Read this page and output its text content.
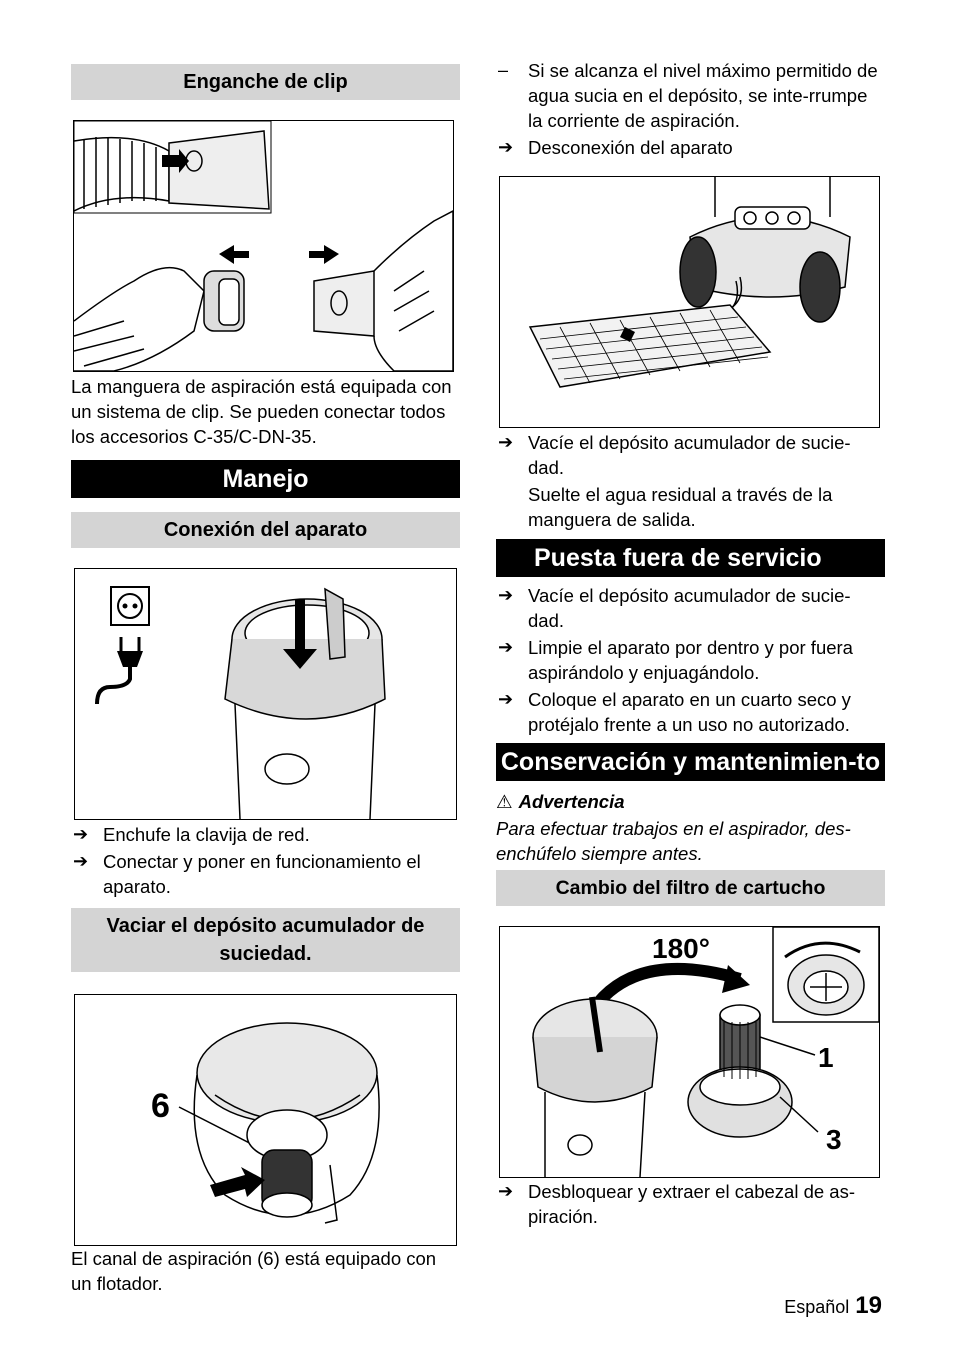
Enganche de clip

La manguera de aspiración está equipada con un sistema de clip. Se pueden conectar todos los accesorios C-35/C-DN-35.

Manejo
Conexión del aparato
➔ Enchufe la clavija de red.
➔ Conectar y poner en funcionamiento el aparato.
Vaciar el depósito acumulador de suciedad.
6

El canal de aspiración (6) está equipado con un flotador.

– Si se alcanza el nivel máximo permitido de agua sucia en el depósito, se inte-rrumpe la corriente de aspiración.
➔ Desconexión del aparato
➔ Vacíe el depósito acumulador de sucie-dad.

Suelte el agua residual a través de la manguera de salida.

Puesta fuera de servicio
➔ Vacíe el depósito acumulador de sucie-dad.
➔ Limpie el aparato por dentro y por fuera aspirándolo y enjuagándolo.
➔ Coloque el aparato en un cuarto seco y protéjalo frente a un uso no autorizado.
Conservación y mantenimien-to
⚠ Advertencia

Para efectuar trabajos en el aspirador, des-enchúfelo siempre antes.

Cambio del filtro de cartucho
180°
1
3
➔ Desbloquear y extraer el cabezal de as-piración.
Español 19
